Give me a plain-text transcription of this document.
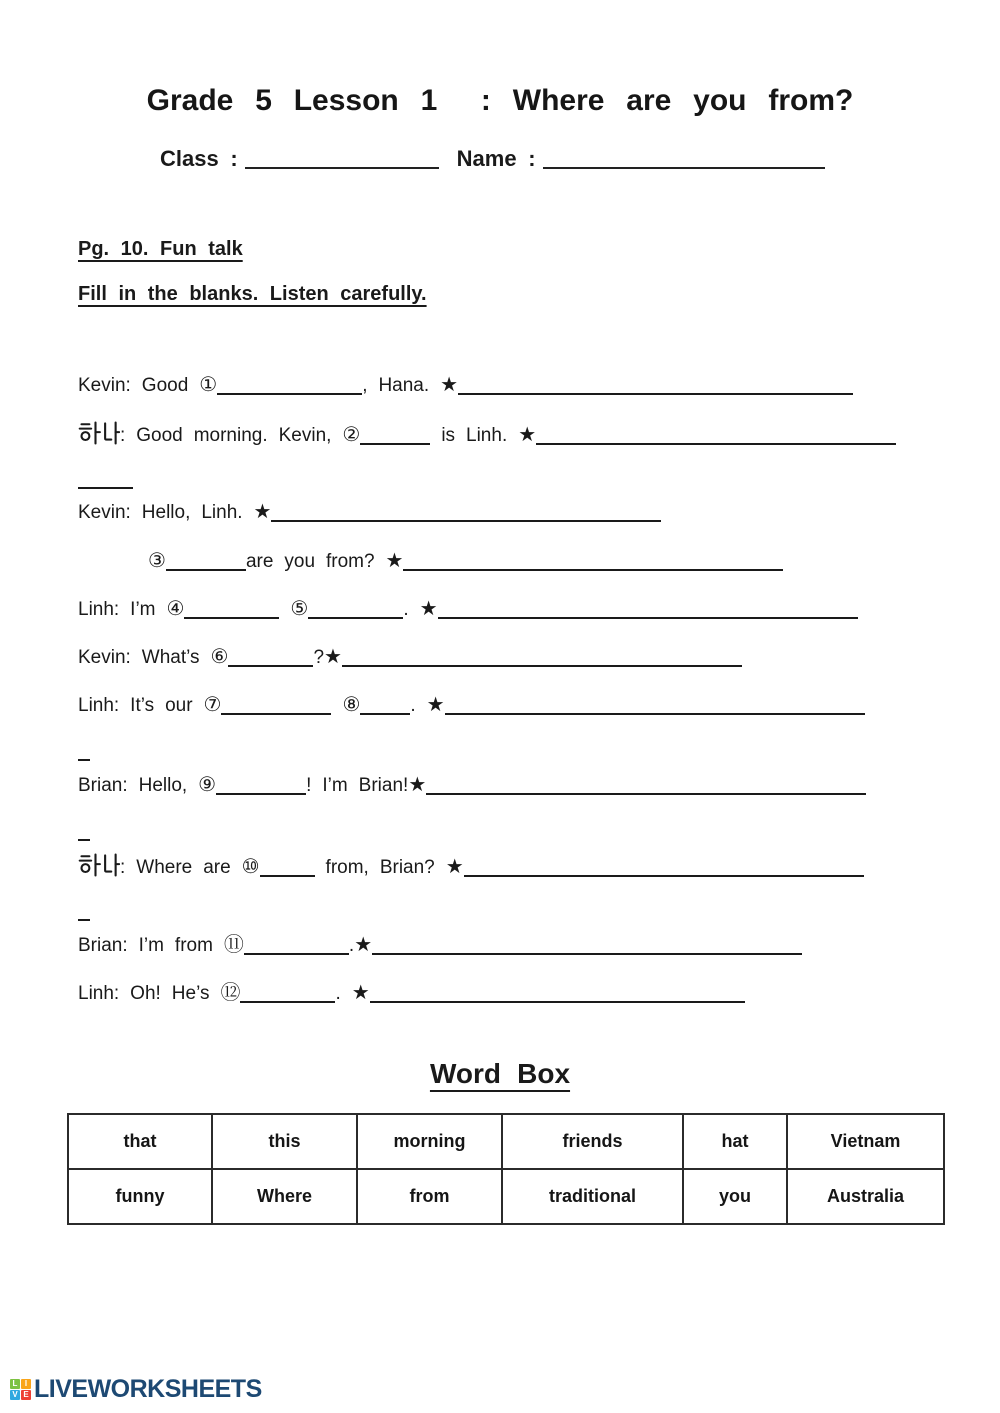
Grade 5 Lesson 1  : Where are you from?
Class :	Name :
Pg. 10. Fun talk
Fill in the blanks. Listen carefully.
Kevin: Good ①	, Hana. ★
: Good morning. Kevin, ②	is Linh. ★
Kevin: Hello, Linh. ★
③	are you from? ★
Linh: I’m ④	⑤	. ★
Kevin: What’s ⑥	?★
Linh: It’s our ⑦	⑧	. ★
Brian: Hello, ⑨	! I’m Brian!★
: Where are ⑩	from, Brian? ★
Brian: I’m from ⑪	.★
Linh: Oh! He’s ⑫	. ★
Word Box
that	this	morning	friends	hat	Vietnam
funny	Where	from	traditional	you	Australia
L I
V E LIVEWORKSHEETS
